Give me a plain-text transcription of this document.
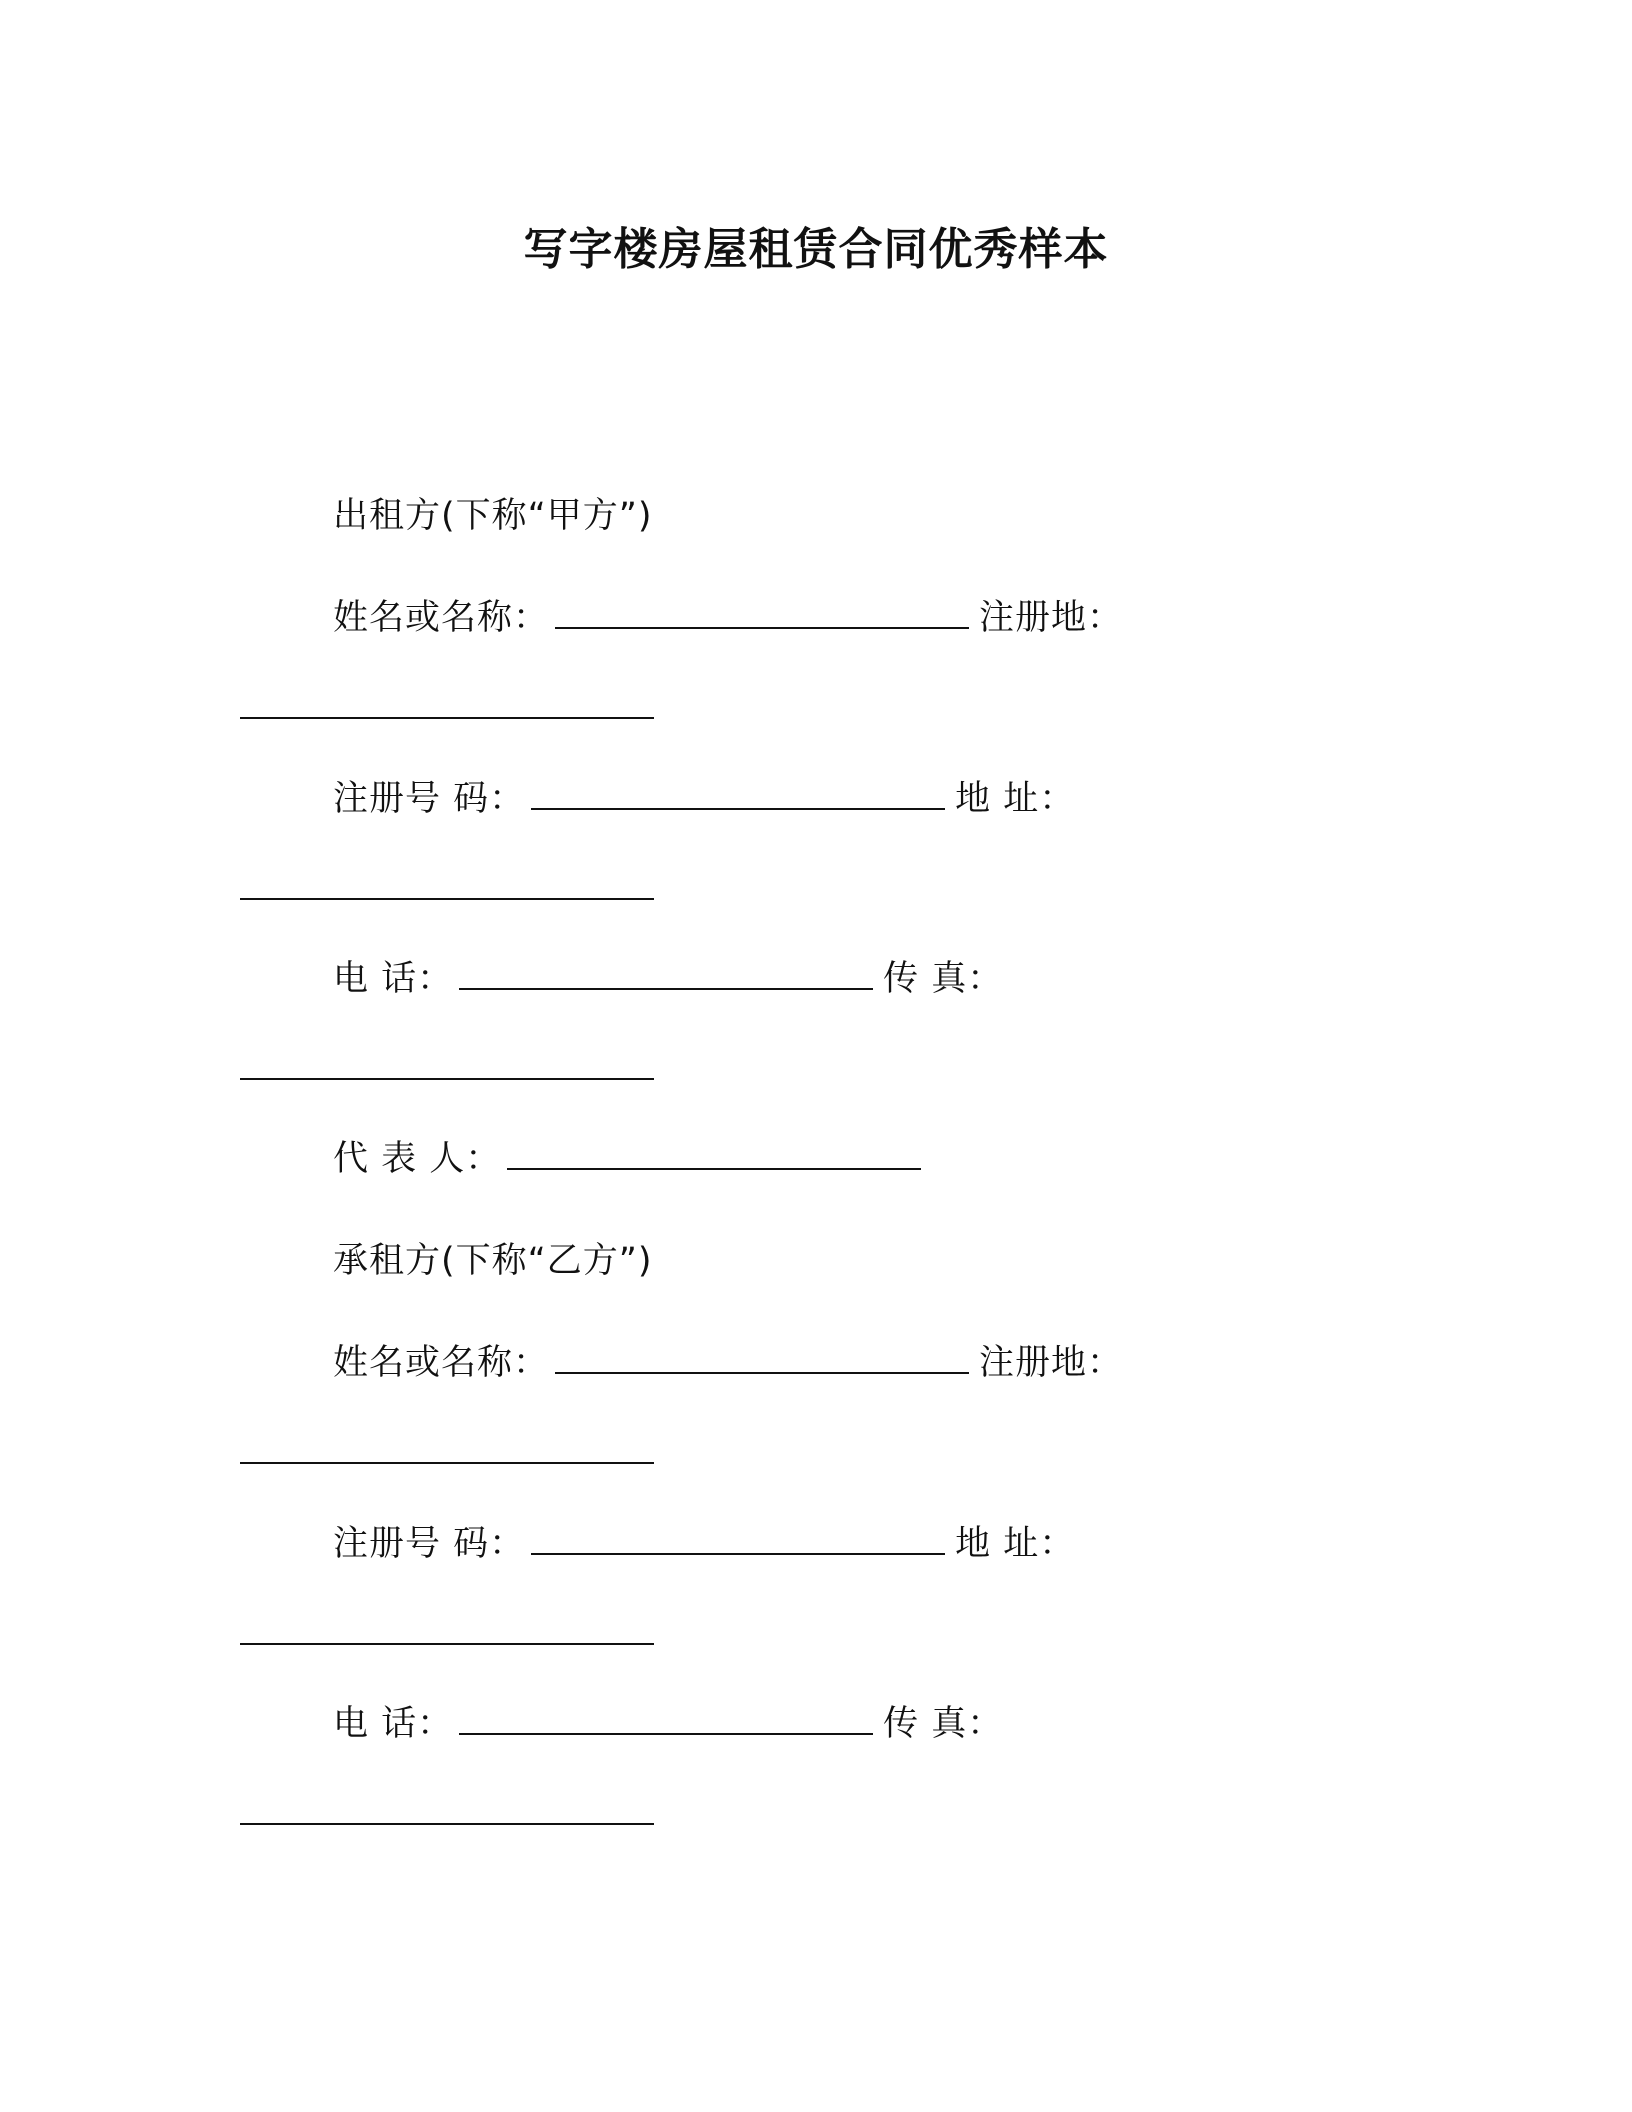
写字楼房屋租赁合同优秀样本
出租方(下称“甲方”)
姓名或名称：	注册地：
注册号 码：	地 址：
电 话：	传 真：
代 表 人：
承租方(下称“乙方”)
姓名或名称：	注册地：
注册号 码：	地 址：
电 话：	传 真：
